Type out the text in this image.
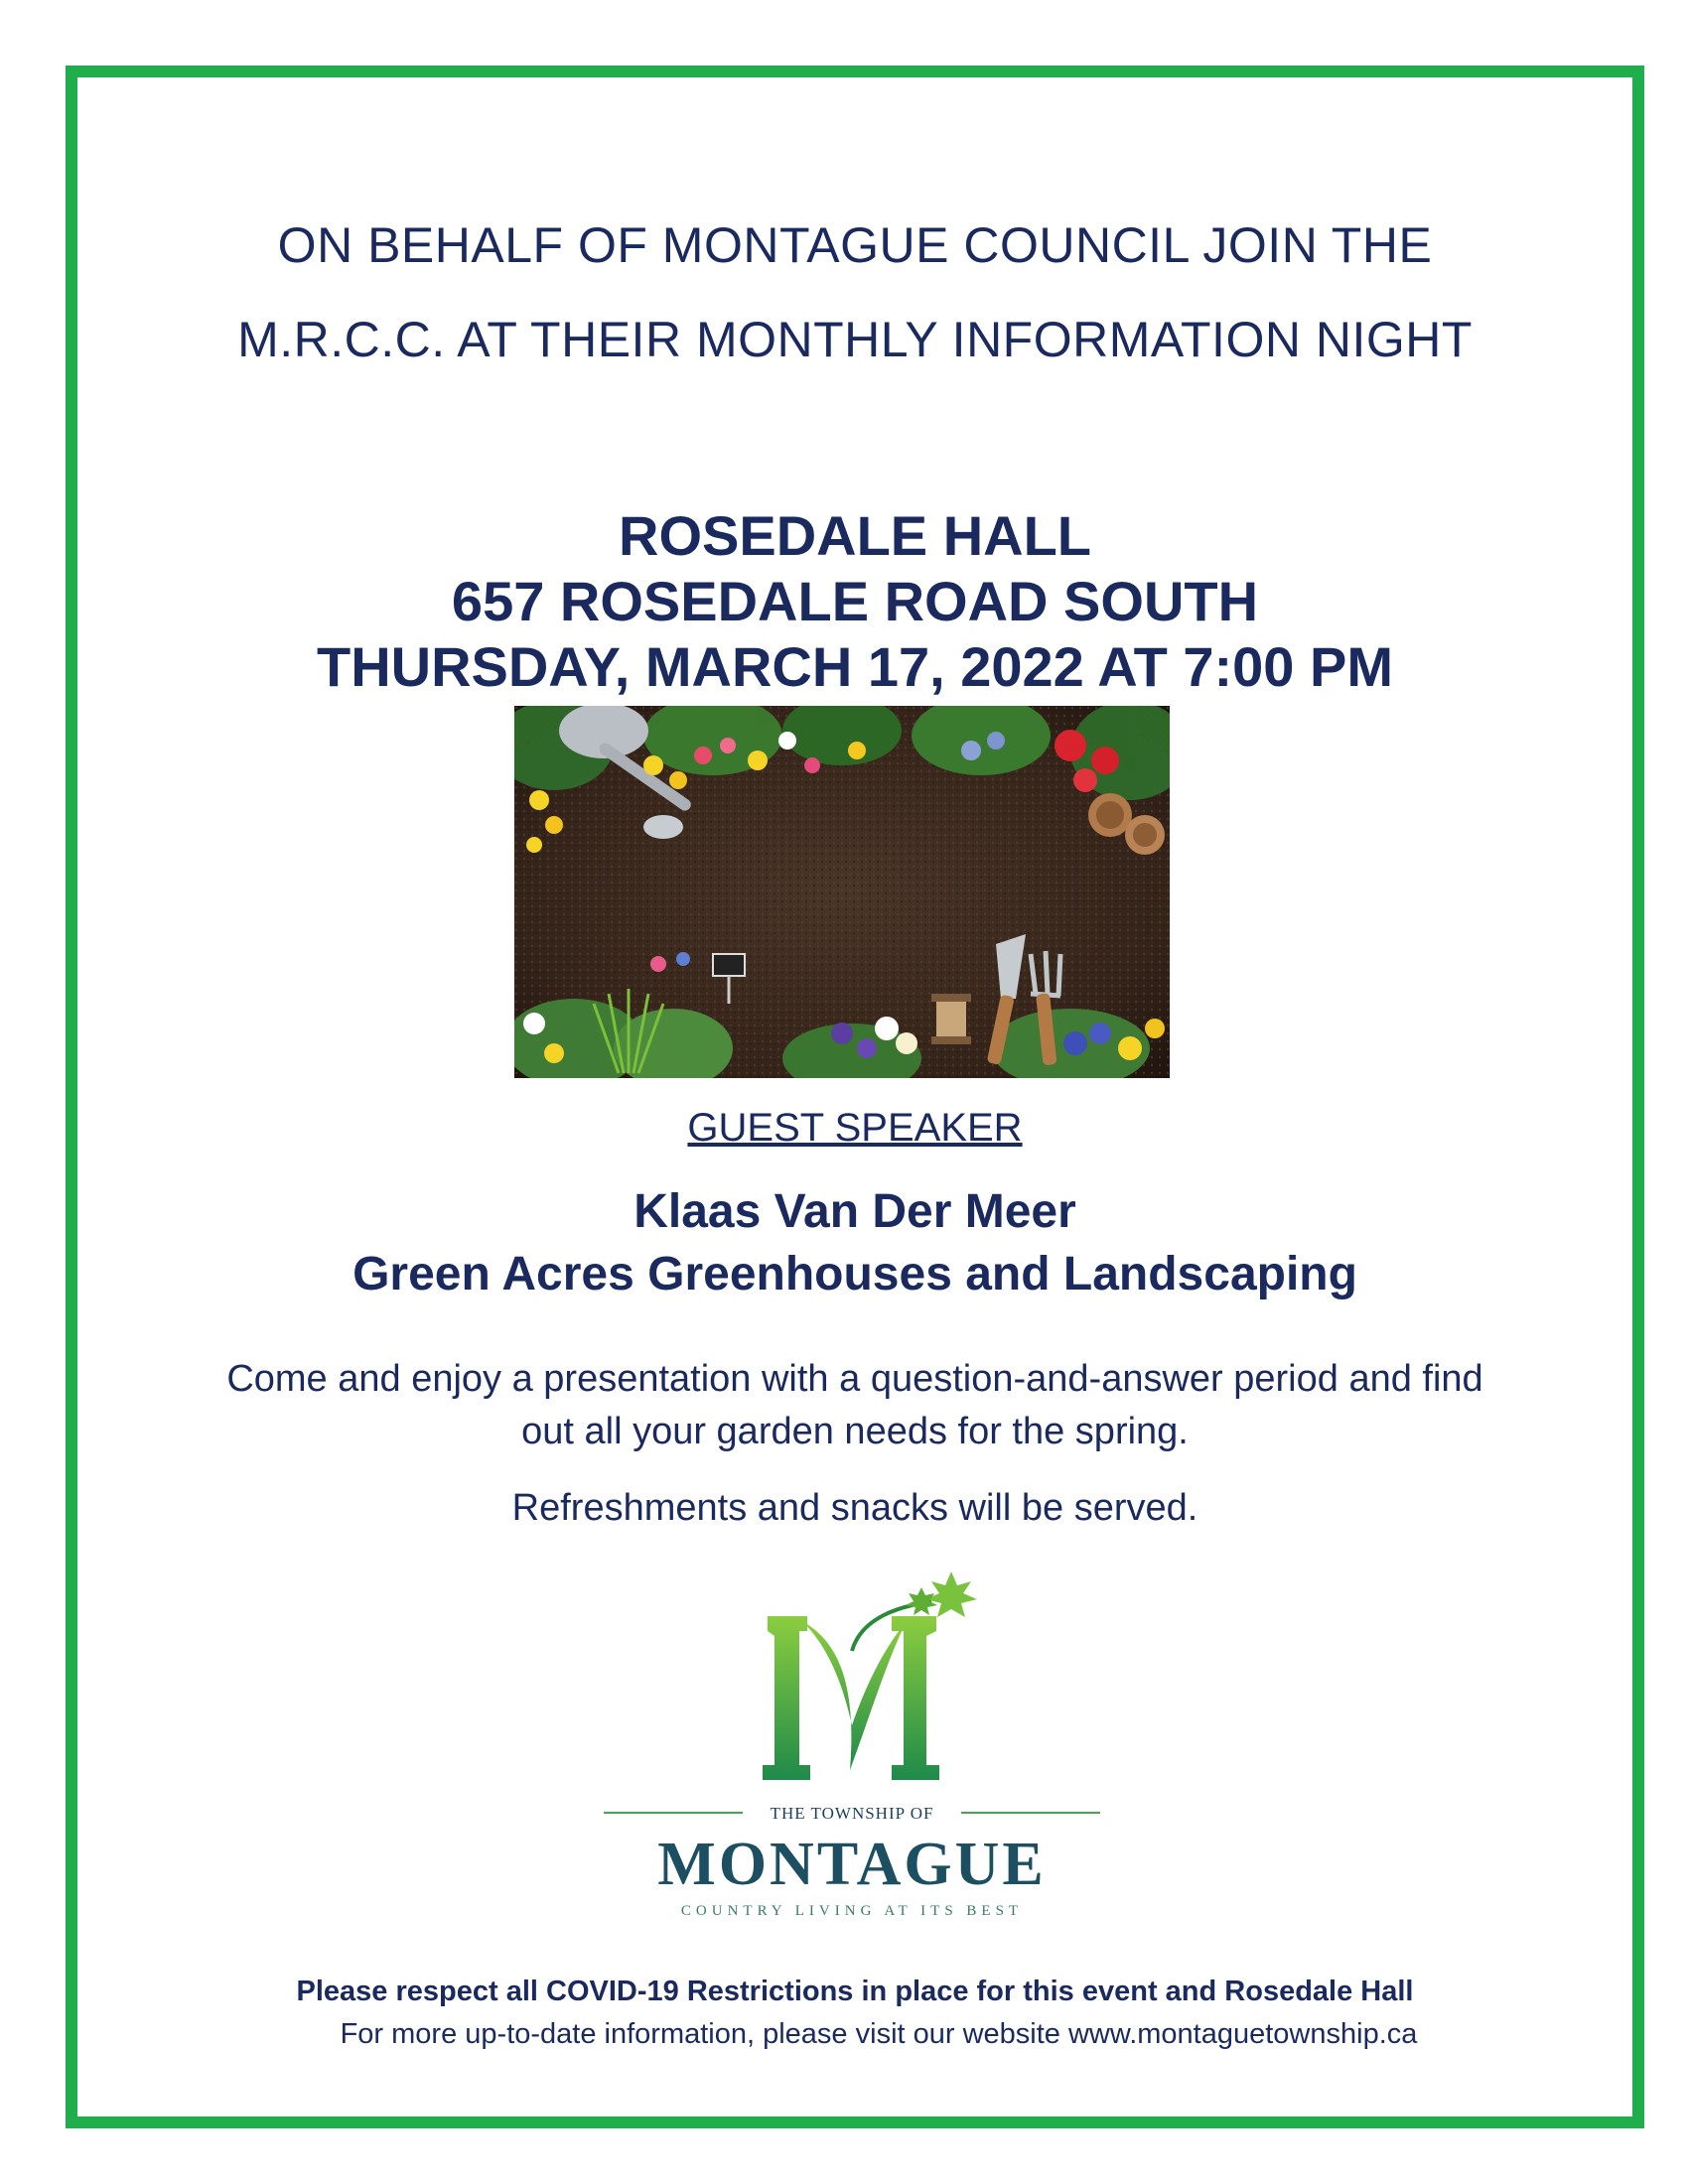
ON BEHALF OF MONTAGUE COUNCIL JOIN THE
M.R.C.C. AT THEIR MONTHLY INFORMATION NIGHT
ROSEDALE HALL
657 ROSEDALE ROAD SOUTH
THURSDAY, MARCH 17, 2022 AT 7:00 PM
GUEST SPEAKER
Klaas Van Der Meer
Green Acres Greenhouses and Landscaping
Come and enjoy a presentation with a question-and-answer period and find
out all your garden needs for the spring.
Refreshments and snacks will be served.
THE TOWNSHIP OF
MONTAGUE
COUNTRY LIVING AT ITS BEST
Please respect all COVID-19 Restrictions in place for this event and Rosedale Hall
For more up-to-date information, please visit our website www.montaguetownship.ca
